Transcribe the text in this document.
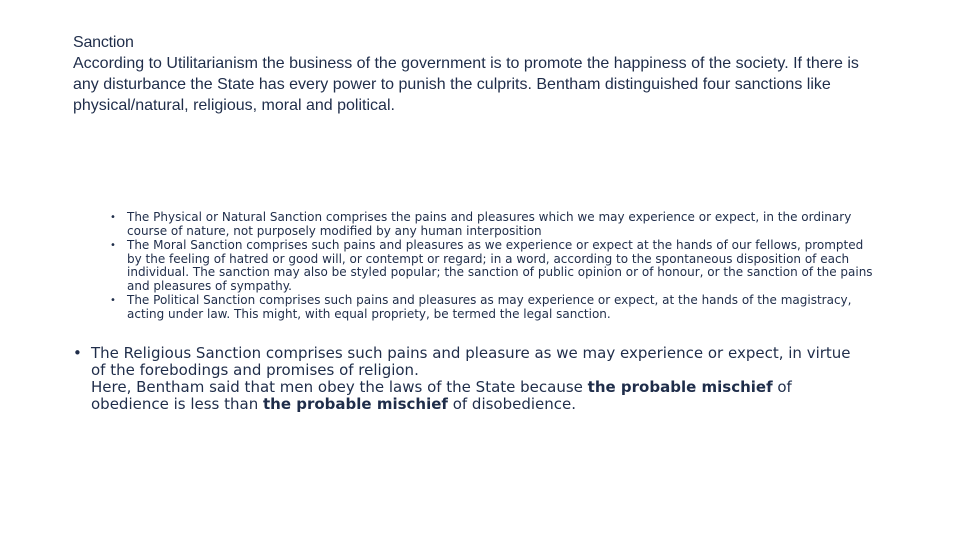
Sanction
According to Utilitarianism the business of the government is to promote the happiness of the society. If there is any disturbance the State has every power to punish the culprits. Bentham distinguished four sanctions like physical/natural, religious, moral and political.
• The Physical or Natural Sanction comprises the pains and pleasures which we may experience or expect, in the ordinary course of nature, not purposely modified by any human interposition
• The Moral Sanction comprises such pains and pleasures as we experience or expect at the hands of our fellows, prompted by the feeling of hatred or good will, or contempt or regard; in a word, according to the spontaneous disposition of each individual. The sanction may also be styled popular; the sanction of public opinion or of honour, or the sanction of the pains and pleasures of sympathy.
• The Political Sanction comprises such pains and pleasures as may experience or expect, at the hands of the magistracy, acting under law. This might, with equal propriety, be termed the legal sanction.
• The Religious Sanction comprises such pains and pleasure as we may experience or expect, in virtue of the forebodings and promises of religion.
Here, Bentham said that men obey the laws of the State because the probable mischief of obedience is less than the probable mischief of disobedience.
